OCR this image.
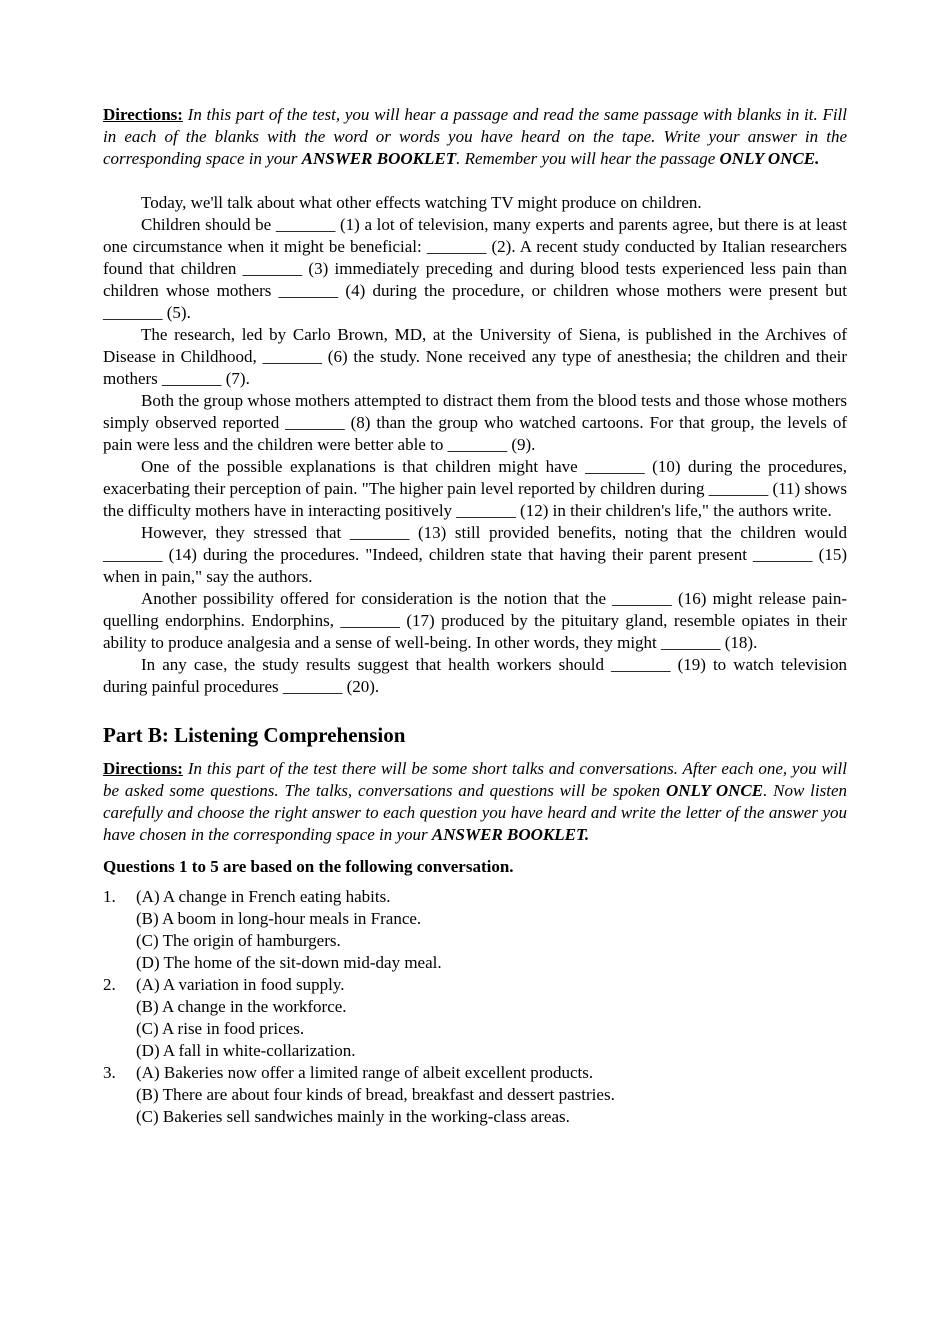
Directions: In this part of the test, you will hear a passage and read the same passage with blanks in it. Fill in each of the blanks with the word or words you have heard on the tape. Write your answer in the corresponding space in your ANSWER BOOKLET. Remember you will hear the passage ONLY ONCE.

Today, we'll talk about what other effects watching TV might produce on children.

Children should be _______ (1) a lot of television, many experts and parents agree, but there is at least one circumstance when it might be beneficial: _______ (2). A recent study conducted by Italian researchers found that children _______ (3) immediately preceding and during blood tests experienced less pain than children whose mothers _______ (4) during the procedure, or children whose mothers were present but _______ (5).

The research, led by Carlo Brown, MD, at the University of Siena, is published in the Archives of Disease in Childhood, _______ (6) the study. None received any type of anesthesia; the children and their mothers _______ (7).

Both the group whose mothers attempted to distract them from the blood tests and those whose mothers simply observed reported _______ (8) than the group who watched cartoons. For that group, the levels of pain were less and the children were better able to _______ (9).

One of the possible explanations is that children might have _______ (10) during the procedures, exacerbating their perception of pain. "The higher pain level reported by children during _______ (11) shows the difficulty mothers have in interacting positively _______ (12) in their children's life," the authors write.

However, they stressed that _______ (13) still provided benefits, noting that the children would _______ (14) during the procedures. "Indeed, children state that having their parent present _______ (15) when in pain," say the authors.

Another possibility offered for consideration is the notion that the _______ (16) might release pain-quelling endorphins. Endorphins, _______ (17) produced by the pituitary gland, resemble opiates in their ability to produce analgesia and a sense of well-being. In other words, they might _______ (18).

In any case, the study results suggest that health workers should _______ (19) to watch television during painful procedures _______ (20).

Part B: Listening Comprehension

Directions: In this part of the test there will be some short talks and conversations. After each one, you will be asked some questions. The talks, conversations and questions will be spoken ONLY ONCE. Now listen carefully and choose the right answer to each question you have heard and write the letter of the answer you have chosen in the corresponding space in your ANSWER BOOKLET.

Questions 1 to 5 are based on the following conversation.
1.	(A) A change in French eating habits.
(B) A boom in long-hour meals in France.
(C) The origin of hamburgers.
(D) The home of the sit-down mid-day meal.
2.	(A) A variation in food supply.
(B) A change in the workforce.
(C) A rise in food prices.
(D) A fall in white-collarization.
3.	(A) Bakeries now offer a limited range of albeit excellent products.
(B) There are about four kinds of bread, breakfast and dessert pastries.
(C) Bakeries sell sandwiches mainly in the working-class areas.
